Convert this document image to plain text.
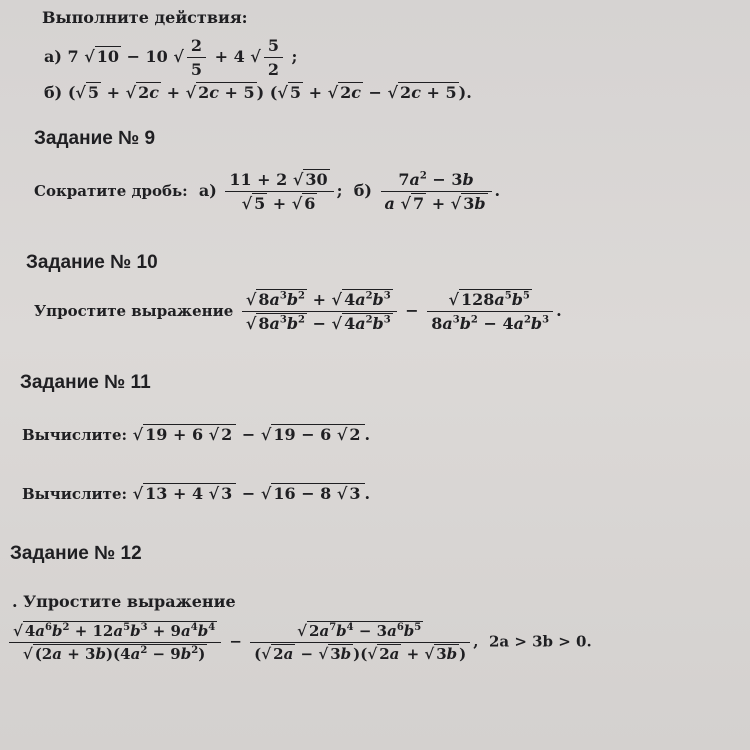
Выполните действия:
а) 7 √ 10 − 10 √ $\frac{2}{5} + 4$ √ $\frac{5}{2}$ ;
б) (√ 5 + √ 2c + √ 2c + 5 ) (√ 5 + √ 2c − √ 2c + 5 ).
Задание № 9
Сократите дробь: $а) \frac{11 + 2 √ 30}{√ 5 + √ 6}$ ;  $б) \frac{7a^2 - 3b}{a √ 7 + √ 3b}$ .
Задание № 10
Упростите выражение $\frac{√ 8a^3b^2 + √ 4a^2b^3}{√ 8a^3b^2 - √ 4a^2b^3} - \frac{√ 128a^5b^5}{8a^3b^2 - 4a^2b^3}$ .
Задание № 11
Вычислите: √ 19 + 6 √ 2 − √ 19 − 6 √ 2 .
Вычислите: √ 13 + 4 √ 3 − √ 16 − 8 √ 3 .
Задание № 12
. Упростите выражение
$\frac{√ 4a^6b^2 + 12a^5b^3 + 9a^4b^4}{√ (2a + 3b)(4a^2 - 9b^2)} - \frac{√ 2a^7b^4 - 3a^6b^5}{(√ 2a - √ 3b )(√ 2a + √ 3b )}$ ,  2a > 3b > 0.
